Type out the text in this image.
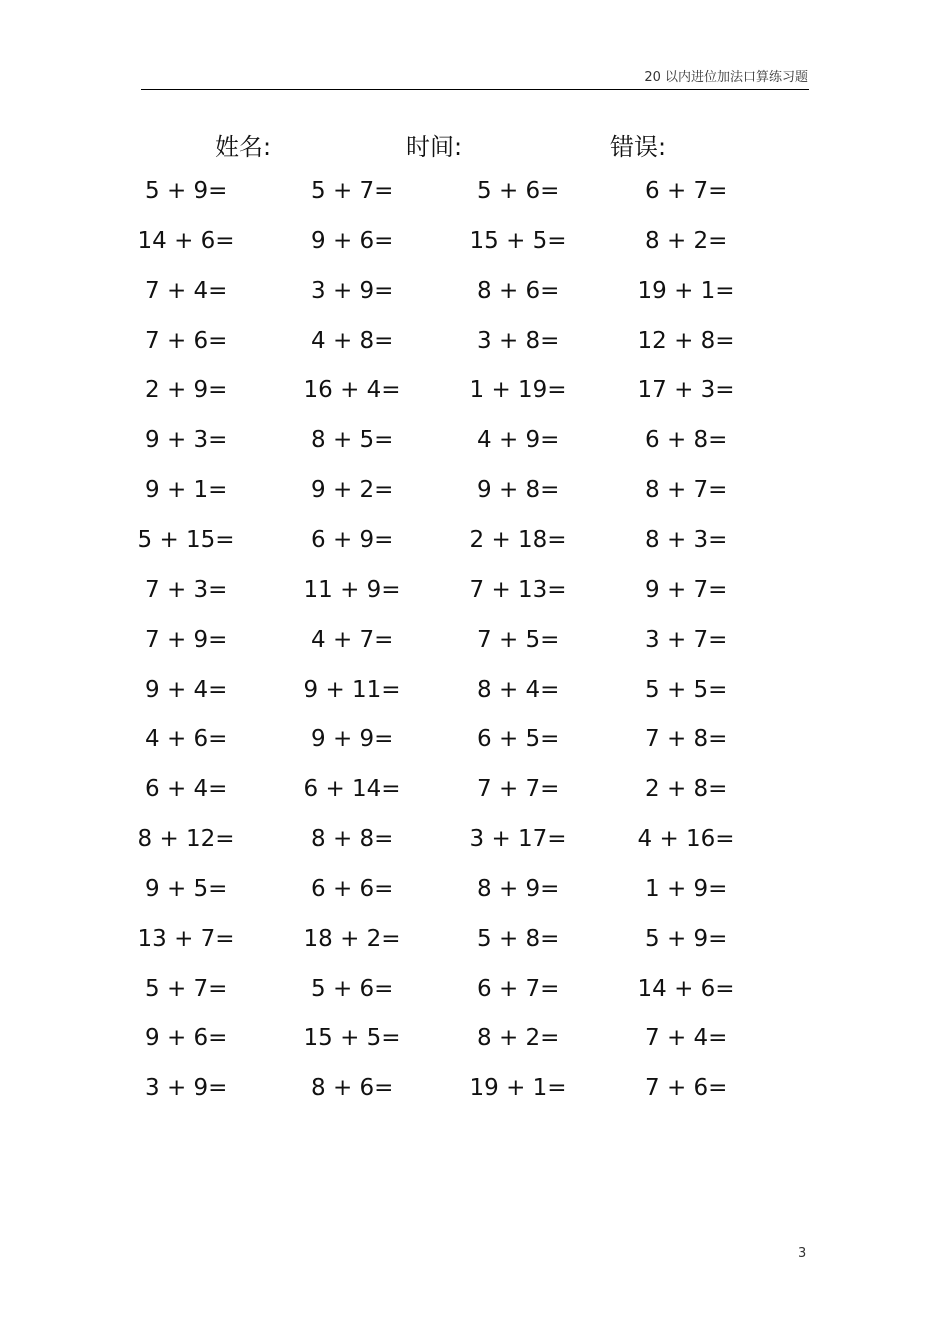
20 以内进位加法口算练习题
姓名:	时间:	错误:
5 + 9=	5 + 7=	5 + 6=	6 + 7=
14 + 6=	9 + 6=	15 + 5=	8 + 2=
7 + 4=	3 + 9=	8 + 6=	19 + 1=
7 + 6=	4 + 8=	3 + 8=	12 + 8=
2 + 9=	16 + 4=	1 + 19=	17 + 3=
9 + 3=	8 + 5=	4 + 9=	6 + 8=
9 + 1=	9 + 2=	9 + 8=	8 + 7=
5 + 15=	6 + 9=	2 + 18=	8 + 3=
7 + 3=	11 + 9=	7 + 13=	9 + 7=
7 + 9=	4 + 7=	7 + 5=	3 + 7=
9 + 4=	9 + 11=	8 + 4=	5 + 5=
4 + 6=	9 + 9=	6 + 5=	7 + 8=
6 + 4=	6 + 14=	7 + 7=	2 + 8=
8 + 12=	8 + 8=	3 + 17=	4 + 16=
9 + 5=	6 + 6=	8 + 9=	1 + 9=
13 + 7=	18 + 2=	5 + 8=	5 + 9=
5 + 7=	5 + 6=	6 + 7=	14 + 6=
9 + 6=	15 + 5=	8 + 2=	7 + 4=
3 + 9=	8 + 6=	19 + 1=	7 + 6=
3
